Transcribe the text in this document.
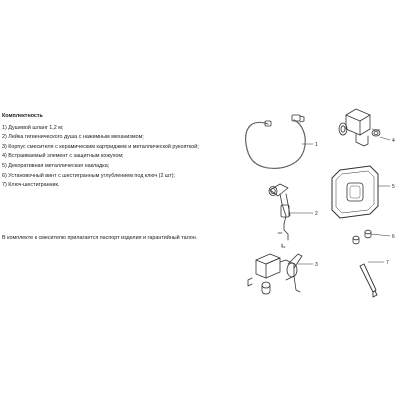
Комплектность
1) Душевой шланг 1,2 м;
2) Лейка гигиенического душа с нажимным механизмом;
3) Корпус смесителя с керамическим картриджем и металлической рукояткой;
4) Встраиваемый элемент с защитным кожухом;
5) Декоративная металлическая накладка;
6) Установочный винт с шестигранным углублением под ключ (2 шт);
7) Ключ-шестигранник.
В комплекте к смесителю прилагается паспорт изделия и гарантийный талон.
1
4
2
5
6
3	7
